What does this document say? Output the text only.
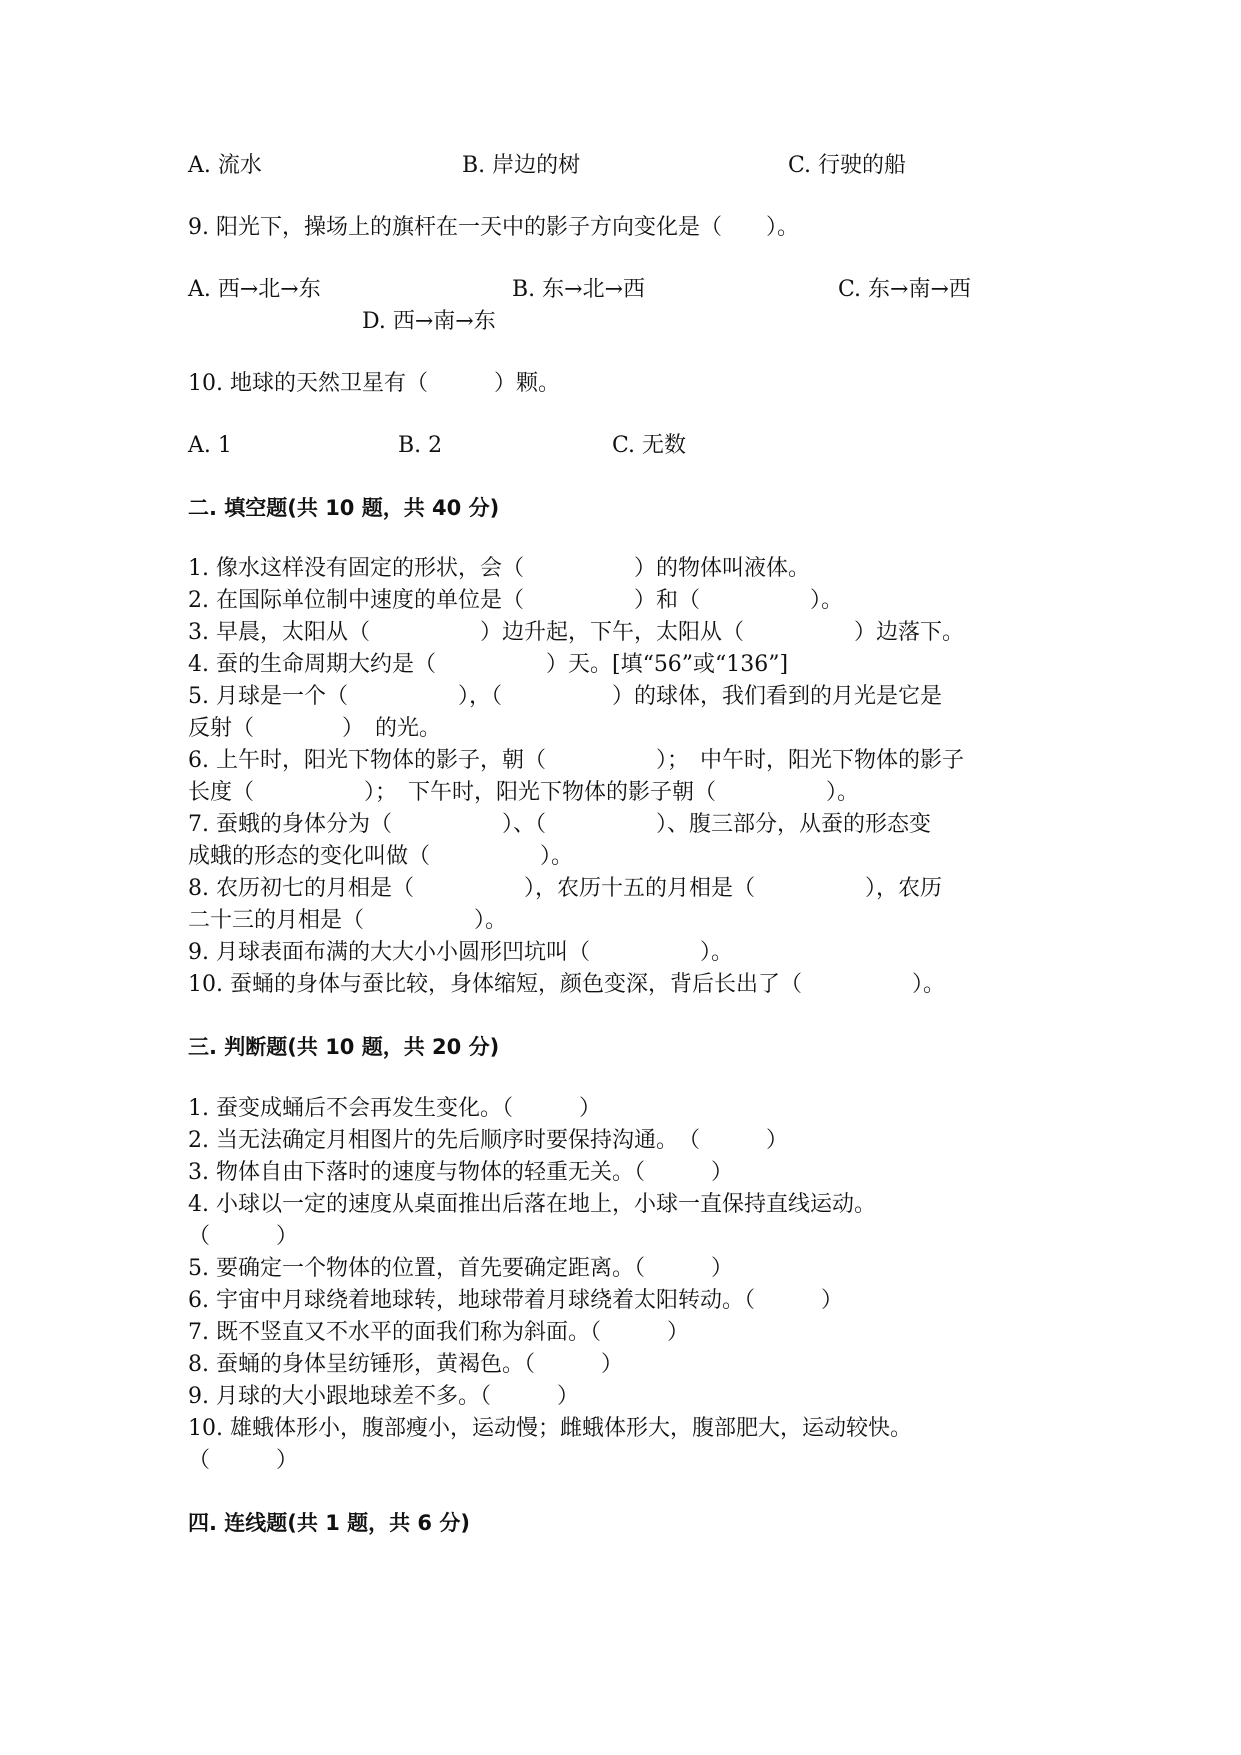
A. 流水	B. 岸边的树	C. 行驶的船
9. 阳光下，操场上的旗杆在一天中的影子方向变化是（　　）。
A. 西→北→东	B. 东→北→西	C. 东→南→西
D. 西→南→东
10. 地球的天然卫星有（　　　）颗。
A. 1	B. 2	C. 无数
二. 填空题(共 10 题，共 40 分)
1. 像水这样没有固定的形状，会（　　　　　）的物体叫液体。
2. 在国际单位制中速度的单位是（　　　　　）和（　　　　　）。
3. 早晨，太阳从（　　　　　）边升起，下午，太阳从（　　　　　）边落下。
4. 蚕的生命周期大约是（　　　　　）天。[填“56”或“136”]
5. 月球是一个（　　　　　），（　　　　　）的球体，我们看到的月光是它是
反射（　　　　）　的光。
6. 上午时，阳光下物体的影子，朝（　　　　　）；　中午时，阳光下物体的影子
长度（　　　　　）；　下午时，阳光下物体的影子朝（　　　　　）。
7. 蚕蛾的身体分为（　　　　　）、（　　　　　）、腹三部分，从蚕的形态变
成蛾的形态的变化叫做（　　　　　）。
8. 农历初七的月相是（　　　　　），农历十五的月相是（　　　　　），农历
二十三的月相是（　　　　　）。
9. 月球表面布满的大大小小圆形凹坑叫（　　　　　）。
10. 蚕蛹的身体与蚕比较，身体缩短，颜色变深，背后长出了（　　　　　）。
三. 判断题(共 10 题，共 20 分)
1. 蚕变成蛹后不会再发生变化。（　　　）
2. 当无法确定月相图片的先后顺序时要保持沟通。　（　　　）
3. 物体自由下落时的速度与物体的轻重无关。（　　　）
4. 小球以一定的速度从桌面推出后落在地上，小球一直保持直线运动。
（　　　）
5. 要确定一个物体的位置，首先要确定距离。（　　　）
6. 宇宙中月球绕着地球转，地球带着月球绕着太阳转动。（　　　）
7. 既不竖直又不水平的面我们称为斜面。（　　　）
8. 蚕蛹的身体呈纺锤形，黄褐色。（　　　）
9. 月球的大小跟地球差不多。（　　　）
10. 雄蛾体形小，腹部瘦小，运动慢；雌蛾体形大，腹部肥大，运动较快。
（　　　）
四. 连线题(共 1 题，共 6 分)
